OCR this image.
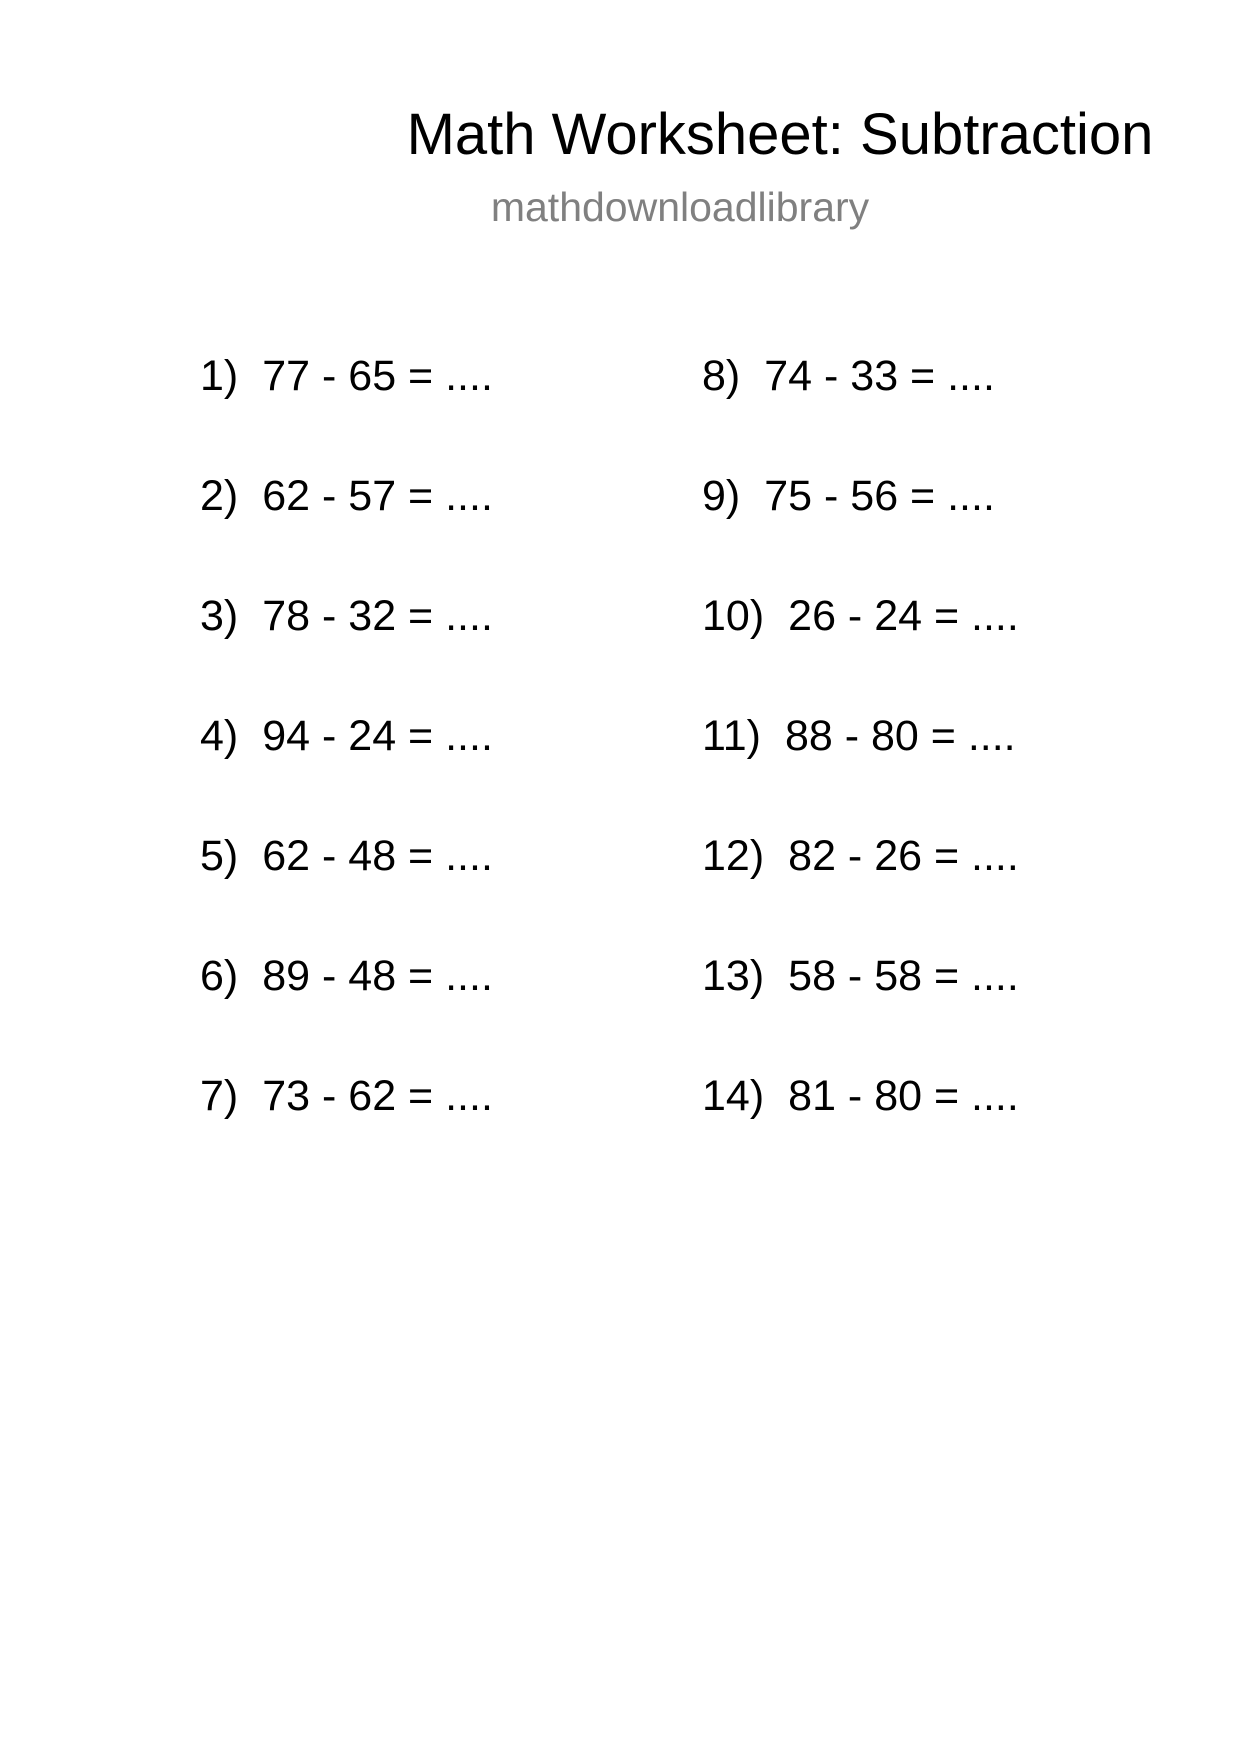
Math Worksheet: Subtraction
mathdownloadlibrary
1) 77 - 65 = ....
2) 62 - 57 = ....
3) 78 - 32 = ....
4) 94 - 24 = ....
5) 62 - 48 = ....
6) 89 - 48 = ....
7) 73 - 62 = ....
8) 74 - 33 = ....
9) 75 - 56 = ....
10) 26 - 24 = ....
11) 88 - 80 = ....
12) 82 - 26 = ....
13) 58 - 58 = ....
14) 81 - 80 = ....
